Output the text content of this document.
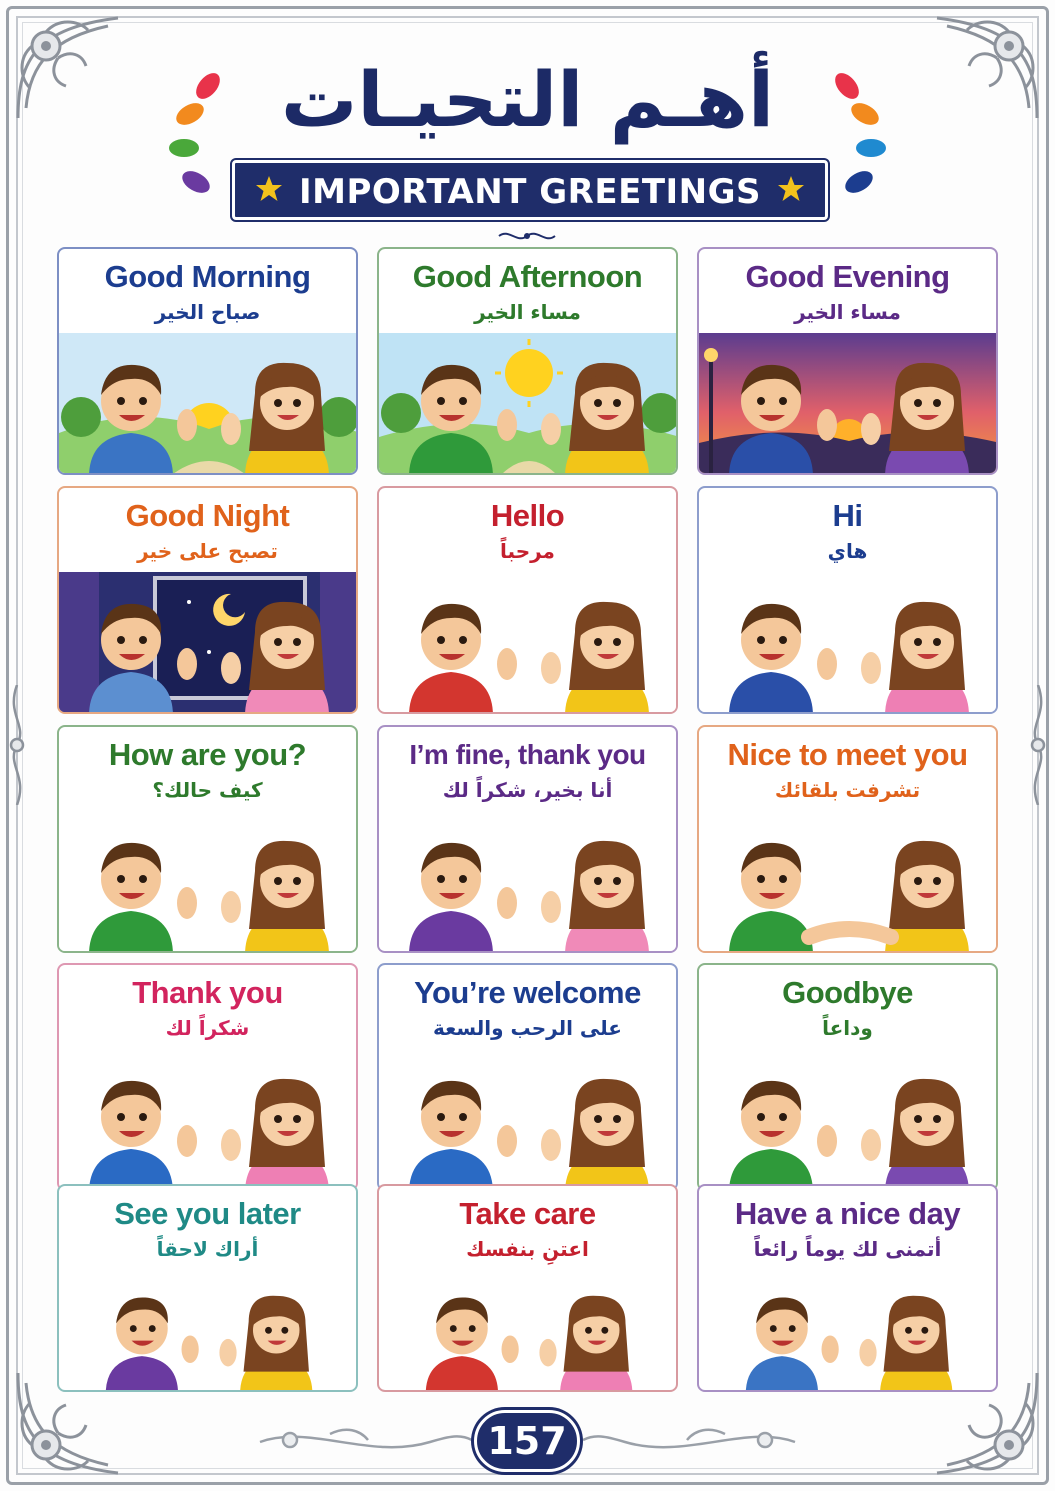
أهـم التحيـات
IMPORTANT GREETINGS
Good Morning
صباح الخير
Good Afternoon
مساء الخير
Good Evening
مساء الخير
Good Night
تصبح على خير
Hello
مرحباً
Hi
هاي
How are you?
كيف حالك؟
I’m fine, thank you
أنا بخير، شكراً لك
Nice to meet you
تشرفت بلقائك
Thank you
شكراً لك
You’re welcome
على الرحب والسعة
Goodbye
وداعاً
See you later
أراك لاحقاً
Take care
اعتنِ بنفسك
Have a nice day
أتمنى لك يوماً رائعاً
157
